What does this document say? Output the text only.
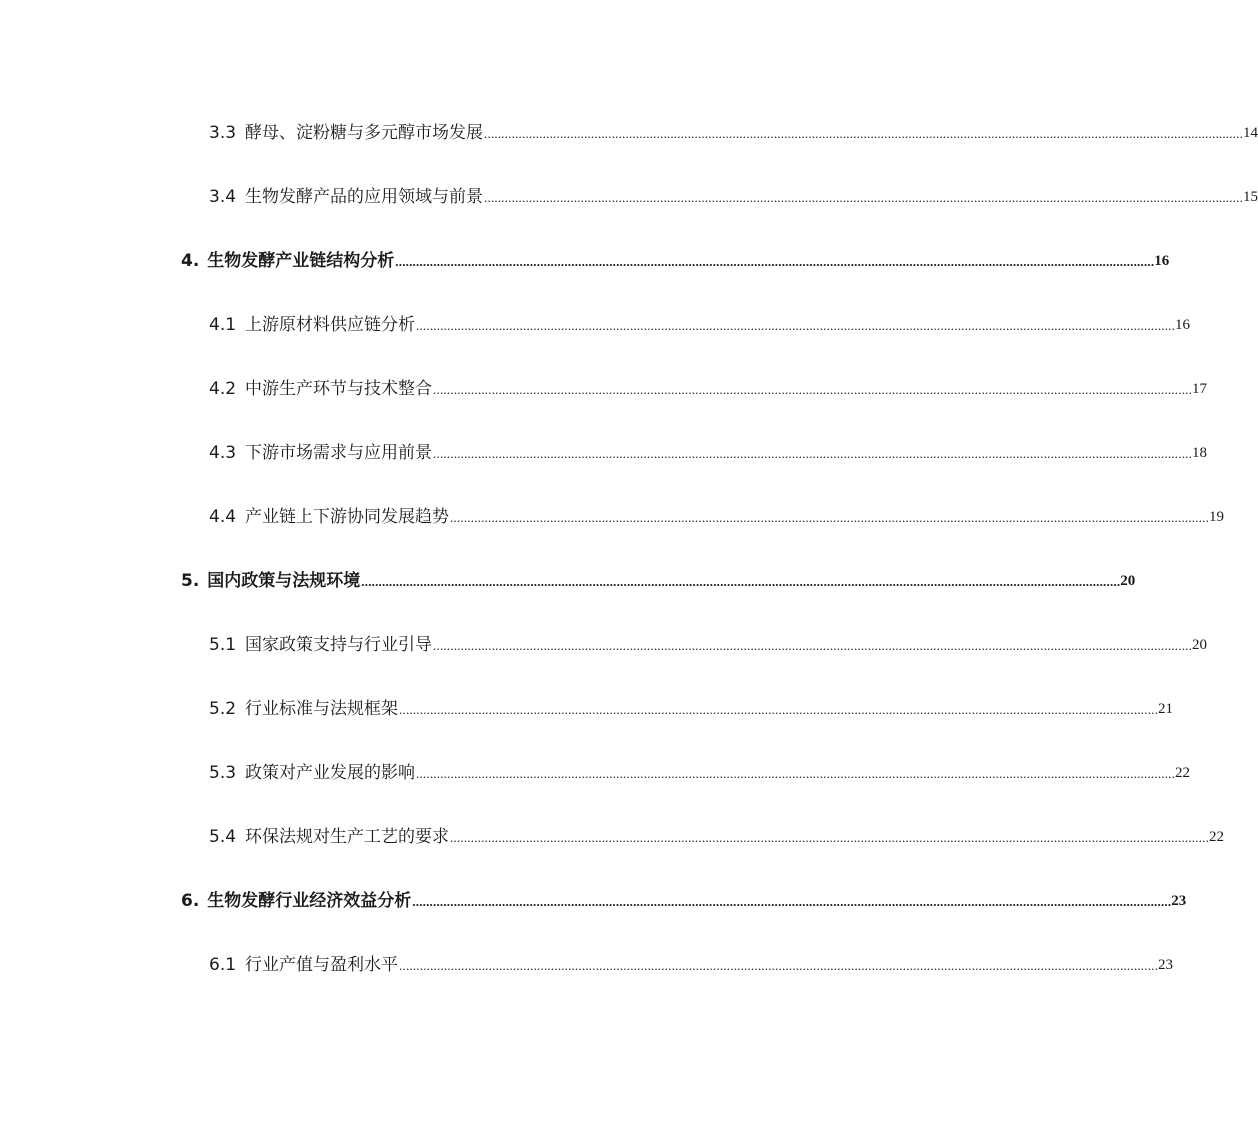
3.3 酵母、淀粉糖与多元醇市场发展 ............................................................................................................................................................................................................................ 14
3.4 生物发酵产品的应用领域与前景 ............................................................................................................................................................................................................................ 15
4. 生物发酵产业链结构分析 ............................................................................................................................................................................................................................ 16
4.1 上游原材料供应链分析 ............................................................................................................................................................................................................................ 16
4.2 中游生产环节与技术整合 ............................................................................................................................................................................................................................ 17
4.3 下游市场需求与应用前景 ............................................................................................................................................................................................................................ 18
4.4 产业链上下游协同发展趋势 ............................................................................................................................................................................................................................ 19
5. 国内政策与法规环境 ............................................................................................................................................................................................................................ 20
5.1 国家政策支持与行业引导 ............................................................................................................................................................................................................................ 20
5.2 行业标准与法规框架 ............................................................................................................................................................................................................................ 21
5.3 政策对产业发展的影响 ............................................................................................................................................................................................................................ 22
5.4 环保法规对生产工艺的要求 ............................................................................................................................................................................................................................ 22
6. 生物发酵行业经济效益分析 ............................................................................................................................................................................................................................ 23
6.1 行业产值与盈利水平 ............................................................................................................................................................................................................................ 23
